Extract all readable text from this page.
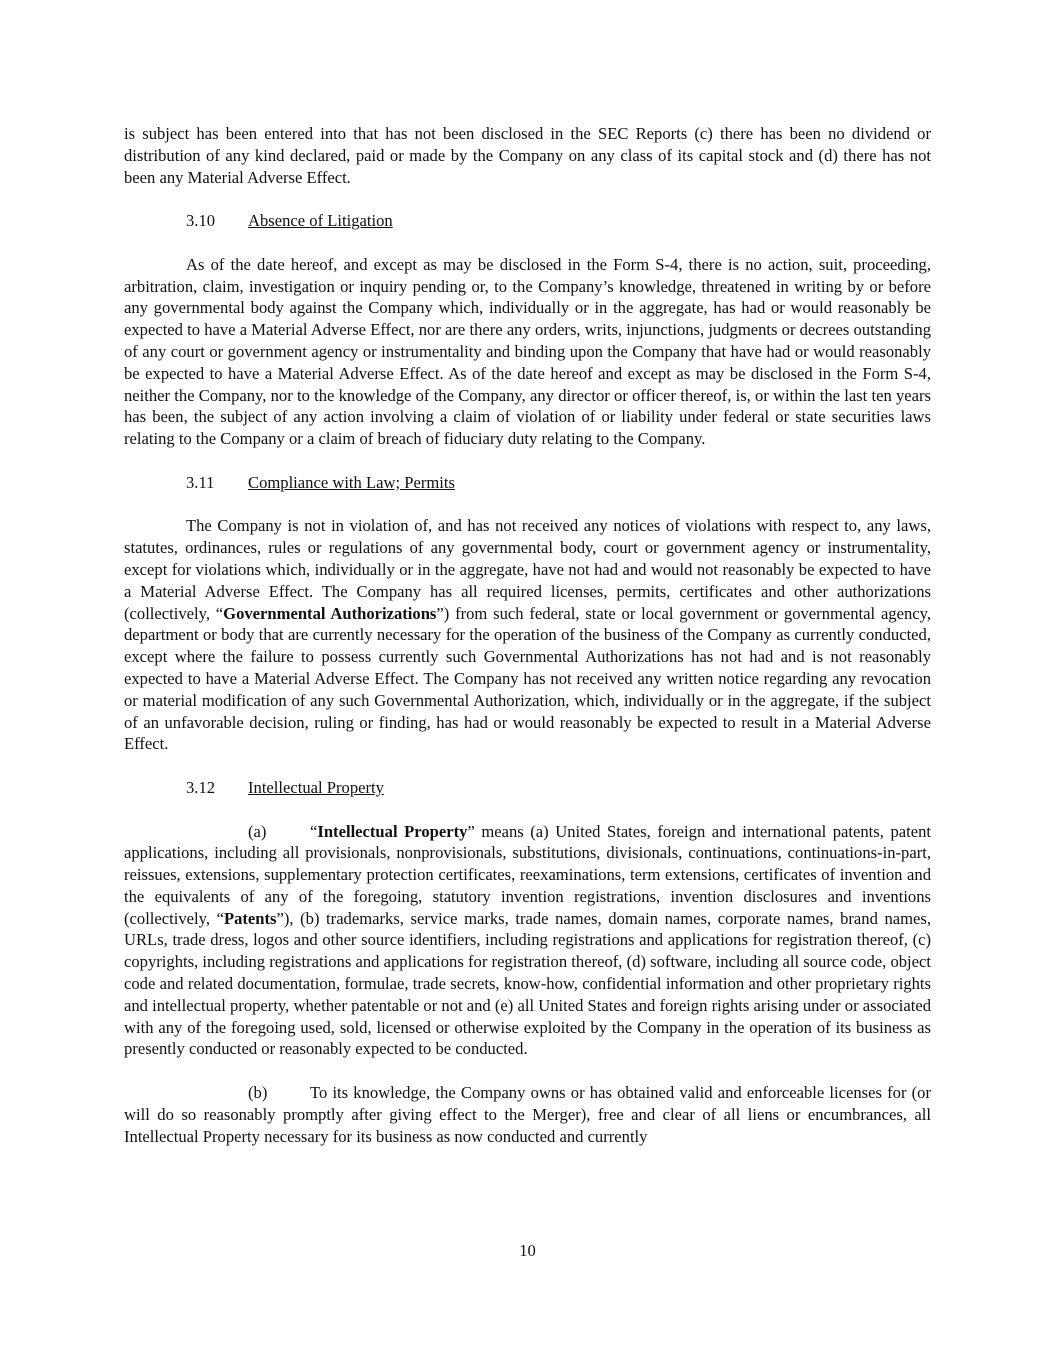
is subject has been entered into that has not been disclosed in the SEC Reports (c) there has been no dividend or distribution of any kind declared, paid or made by the Company on any class of its capital stock and (d) there has not been any Material Adverse Effect.

3.10 Absence of Litigation

As of the date hereof, and except as may be disclosed in the Form S-4, there is no action, suit, proceeding, arbitration, claim, investigation or inquiry pending or, to the Company’s knowledge, threatened in writing by or before any governmental body against the Company which, individually or in the aggregate, has had or would reasonably be expected to have a Material Adverse Effect, nor are there any orders, writs, injunctions, judgments or decrees outstanding of any court or government agency or instrumentality and binding upon the Company that have had or would reasonably be expected to have a Material Adverse Effect. As of the date hereof and except as may be disclosed in the Form S-4, neither the Company, nor to the knowledge of the Company, any director or officer thereof, is, or within the last ten years has been, the subject of any action involving a claim of violation of or liability under federal or state securities laws relating to the Company or a claim of breach of fiduciary duty relating to the Company.

3.11 Compliance with Law; Permits

The Company is not in violation of, and has not received any notices of violations with respect to, any laws, statutes, ordinances, rules or regulations of any governmental body, court or government agency or instrumentality, except for violations which, individually or in the aggregate, have not had and would not reasonably be expected to have a Material Adverse Effect. The Company has all required licenses, permits, certificates and other authorizations (collectively, “Governmental Authorizations”) from such federal, state or local government or governmental agency, department or body that are currently necessary for the operation of the business of the Company as currently conducted, except where the failure to possess currently such Governmental Authorizations has not had and is not reasonably expected to have a Material Adverse Effect. The Company has not received any written notice regarding any revocation or material modification of any such Governmental Authorization, which, individually or in the aggregate, if the subject of an unfavorable decision, ruling or finding, has had or would reasonably be expected to result in a Material Adverse Effect.

3.12 Intellectual Property

(a)	“Intellectual Property” means (a) United States, foreign and international patents, patent applications, including all provisionals, nonprovisionals, substitutions, divisionals, continuations, continuations-in-part, reissues, extensions, supplementary protection certificates, reexaminations, term extensions, certificates of invention and the equivalents of any of the foregoing, statutory invention registrations, invention disclosures and inventions (collectively, “Patents”), (b) trademarks, service marks, trade names, domain names, corporate names, brand names, URLs, trade dress, logos and other source identifiers, including registrations and applications for registration thereof, (c) copyrights, including registrations and applications for registration thereof, (d) software, including all source code, object code and related documentation, formulae, trade secrets, know-how, confidential information and other proprietary rights and intellectual property, whether patentable or not and (e) all United States and foreign rights arising under or associated with any of the foregoing used, sold, licensed or otherwise exploited by the Company in the operation of its business as presently conducted or reasonably expected to be conducted.

(b)	To its knowledge, the Company owns or has obtained valid and enforceable licenses for (or will do so reasonably promptly after giving effect to the Merger), free and clear of all liens or encumbrances, all Intellectual Property necessary for its business as now conducted and currently

10
